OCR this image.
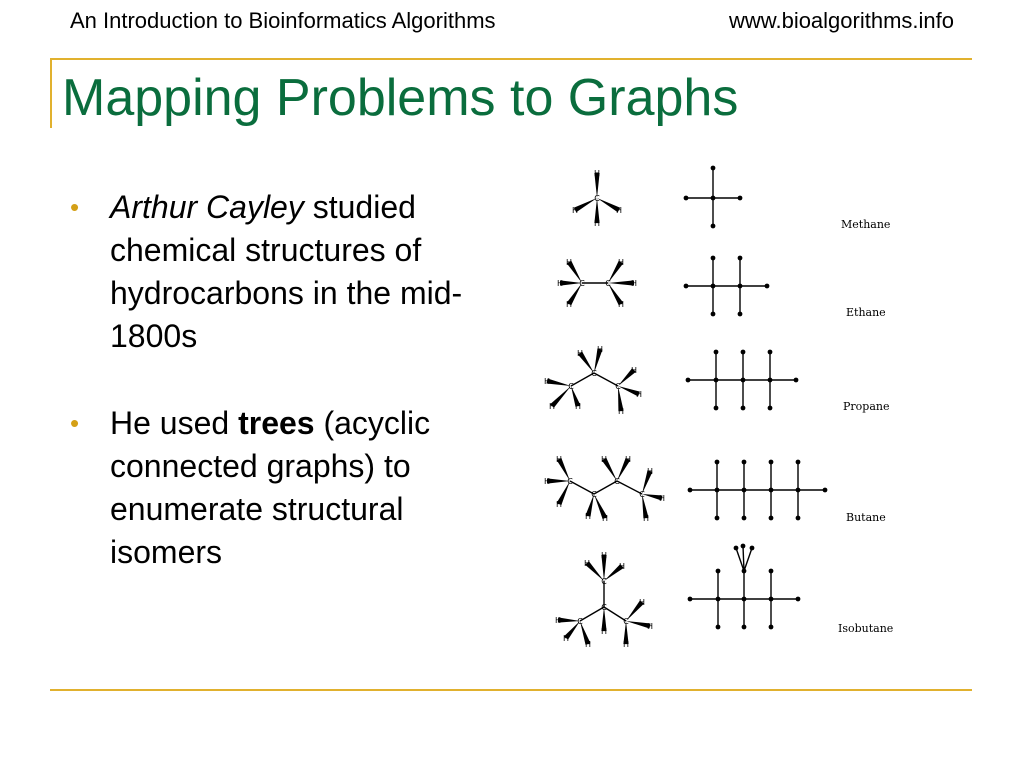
An Introduction to Bioinformatics Algorithms	www.bioalgorithms.info
Mapping Problems to Graphs
• Arthur Cayley studied chemical structures of hydrocarbons in the mid-1800s
• He used trees (acyclic connected graphs) to enumerate structural isomers
H
H	H
H
C
Methane
H
H
H
H
H
H
C	C
Ethane
H
H H
H H
H
H
H
C
C
C
Propane
H
H
H
H H
H H
H
H
H
C
C
C
C
Butane
H
H
H
H
H
H
H
H
H
H
C
C
C	C
Isobutane
